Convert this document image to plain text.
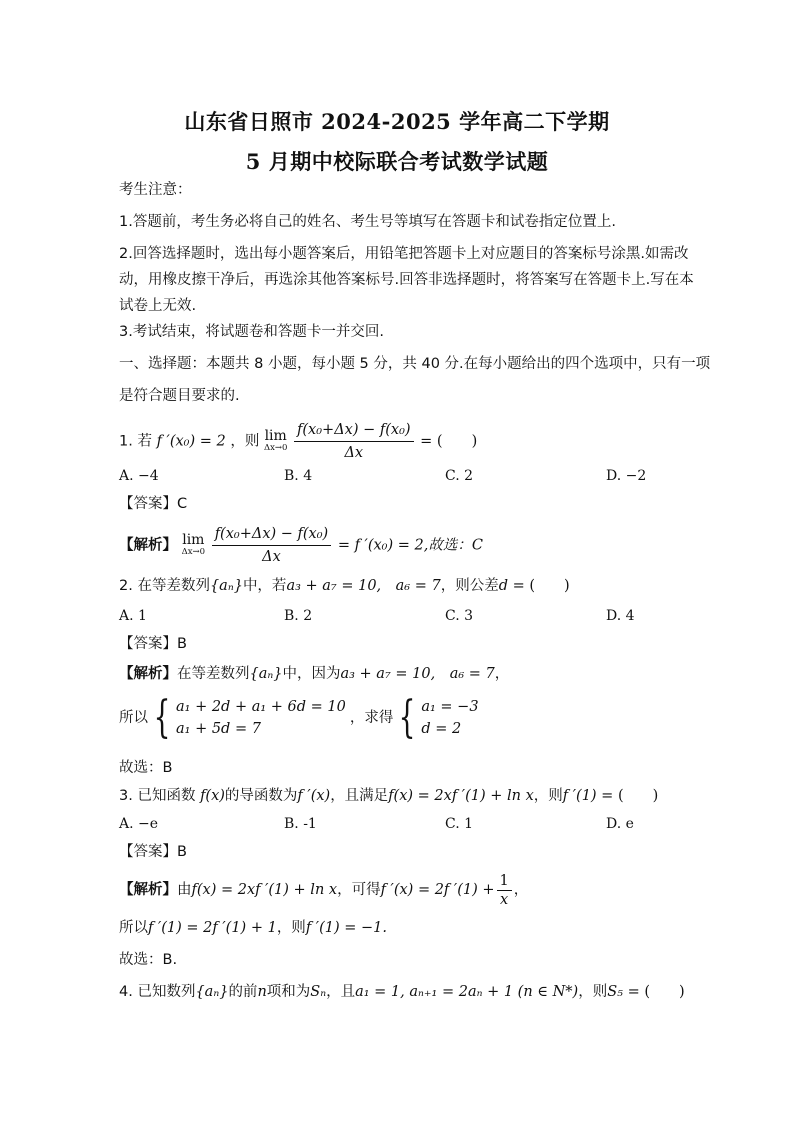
山东省日照市 2024-2025 学年高二下学期
5 月期中校际联合考试数学试题
考生注意：
1.答题前，考生务必将自己的姓名、考生号等填写在答题卡和试卷指定位置上.
2.回答选择题时，选出每小题答案后，用铅笔把答题卡上对应题目的答案标号涂黑.如需改
动，用橡皮擦干净后，再选涂其他答案标号.回答非选择题时，将答案写在答题卡上.写在本
试卷上无效.
3.考试结束，将试题卷和答题卡一并交回.
一、选择题：本题共 8 小题，每小题 5 分，共 40 分.在每小题给出的四个选项中，只有一项
是符合题目要求的.
1. 若 f ′(x₀) = 2 ，则 lim
Δx→0
$\frac{\text{f(x₀+Δx) − f(x₀)}}{\Delta x}$ = (　　)
A. −4	B. 4	C. 2	D. −2
【答案】C
【解析】 lim
Δx→0
$\frac{\text{f(x₀+Δx) − f(x₀)}}{\Delta x} = f$ ′(x₀) = 2,故选：C
2. 在等差数列{aₙ}中，若a₃ + a₇ = 10,　a₆ = 7，则公差d = (　　)
A. 1	B. 2	C. 3	D. 4
【答案】B
【解析】在等差数列{aₙ}中，因为a₃ + a₇ = 10,　a₆ = 7，
所以 { a₁ + 2d + a₁ + 6d = 10
a₁ + 5d = 7
，求得 { a₁ = −3
d = 2
故选：B
3. 已知函数 f(x)的导函数为f ′(x)，且满足f(x) = 2xf ′(1) + ln x，则f ′(1) = (　　)
A. −e	B. -1	C. 1	D. e
【答案】B
【解析】由f(x) = 2xf ′(1) + ln x，可得f ′(x) = 2f $'(1) + \frac{1}{x}$ ，
所以f ′(1) = 2f ′(1) + 1，则f ′(1) = −1.
故选：B.
4. 已知数列{aₙ}的前n项和为Sₙ，且a₁ = 1, aₙ₊₁ = 2aₙ + 1 (n ∈ N*)，则S₅ = (　　)
